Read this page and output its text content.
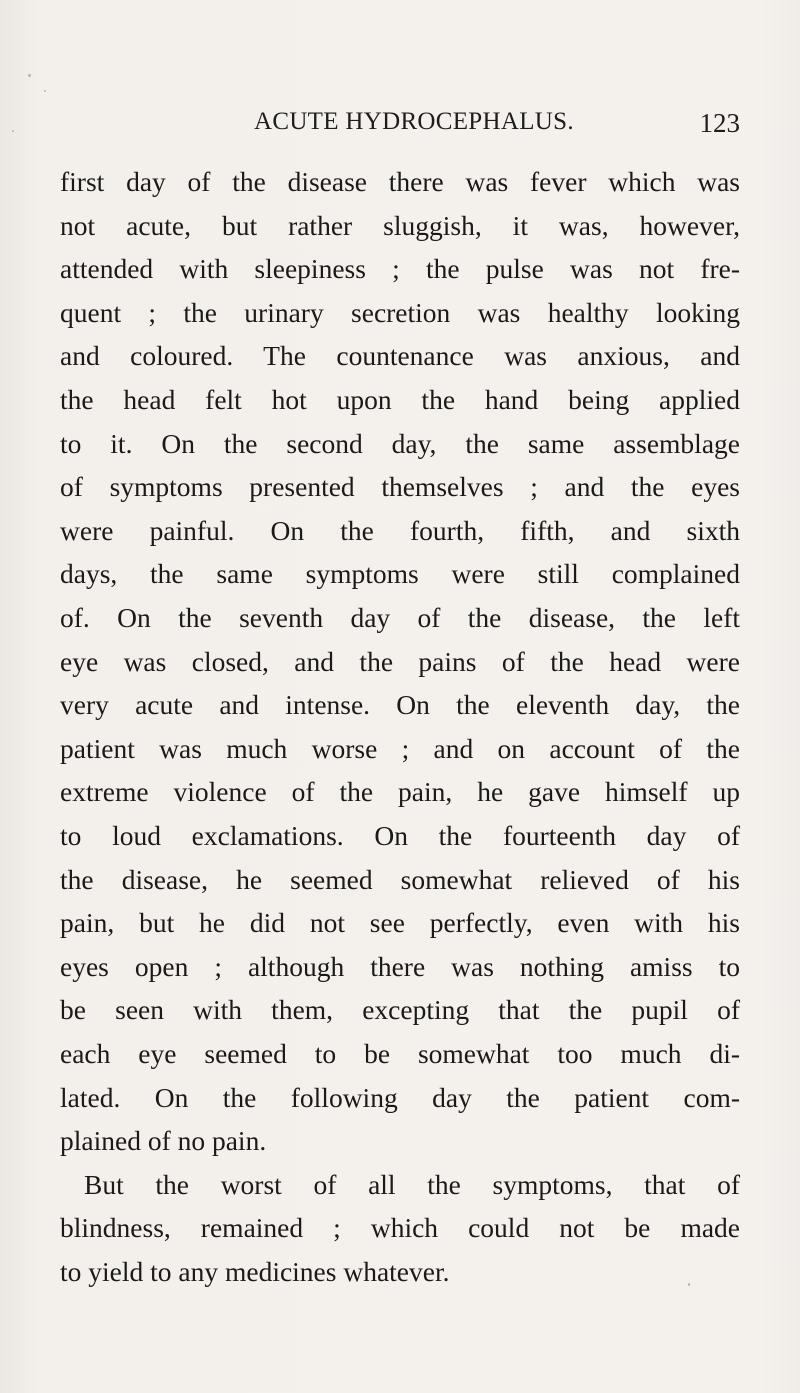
ACUTE HYDROCEPHALUS.	123
first day of the disease there was fever which was
not acute, but rather sluggish, it was, however,
attended with sleepiness ; the pulse was not fre-
quent ; the urinary secretion was healthy looking
and coloured. The countenance was anxious, and
the head felt hot upon the hand being applied
to it. On the second day, the same assemblage
of symptoms presented themselves ; and the eyes
were painful. On the fourth, fifth, and sixth
days, the same symptoms were still complained
of. On the seventh day of the disease, the left
eye was closed, and the pains of the head were
very acute and intense. On the eleventh day, the
patient was much worse ; and on account of the
extreme violence of the pain, he gave himself up
to loud exclamations. On the fourteenth day of
the disease, he seemed somewhat relieved of his
pain, but he did not see perfectly, even with his
eyes open ; although there was nothing amiss to
be seen with them, excepting that the pupil of
each eye seemed to be somewhat too much di-
lated. On the following day the patient com-
plained of no pain.
But the worst of all the symptoms, that of
blindness, remained ; which could not be made
to yield to any medicines whatever.
